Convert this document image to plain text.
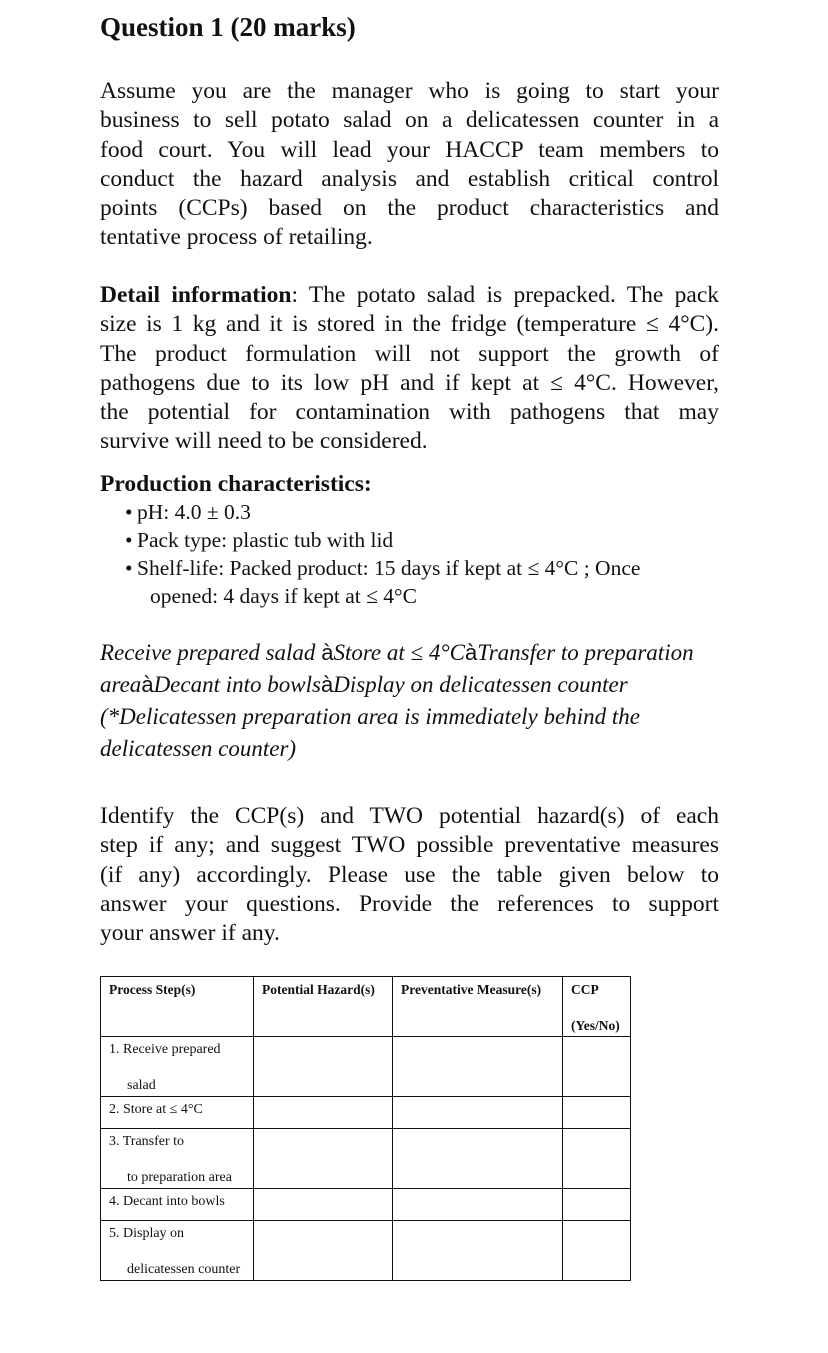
Question 1 (20 marks)
Assume you are the manager who is going to start your
business to sell potato salad on a delicatessen counter in a
food court. You will lead your HACCP team members to
conduct the hazard analysis and establish critical control
points (CCPs) based on the product characteristics and
tentative process of retailing.
Detail information: The potato salad is prepacked. The pack
size is 1 kg and it is stored in the fridge (temperature ≤ 4°C).
The product formulation will not support the growth of
pathogens due to its low pH and if kept at ≤ 4°C. However,
the potential for contamination with pathogens that may
survive will need to be considered.
Production characteristics:
• pH: 4.0 ± 0.3
• Pack type: plastic tub with lid
• Shelf-life: Packed product: 15 days if kept at ≤ 4°C ; Once
opened: 4 days if kept at ≤ 4°C

Receive prepared salad àStore at ≤ 4°CàTransfer to preparation areaàDecant into bowlsàDisplay on delicatessen counter (*Delicatessen preparation area is immediately behind the delicatessen counter)

Identify the CCP(s) and TWO potential hazard(s) of each
step if any; and suggest TWO possible preventative measures
(if any) accordingly. Please use the table given below to
answer your questions. Provide the references to support
your answer if any.
Process Step(s)	Potential Hazard(s)	Preventative Measure(s)	CCP
(Yes/No)

1. Receive prepared
salad			

2. Store at ≤ 4°C			

3. Transfer to
to preparation area			

4. Decant into bowls			

5. Display on
delicatessen counter			
